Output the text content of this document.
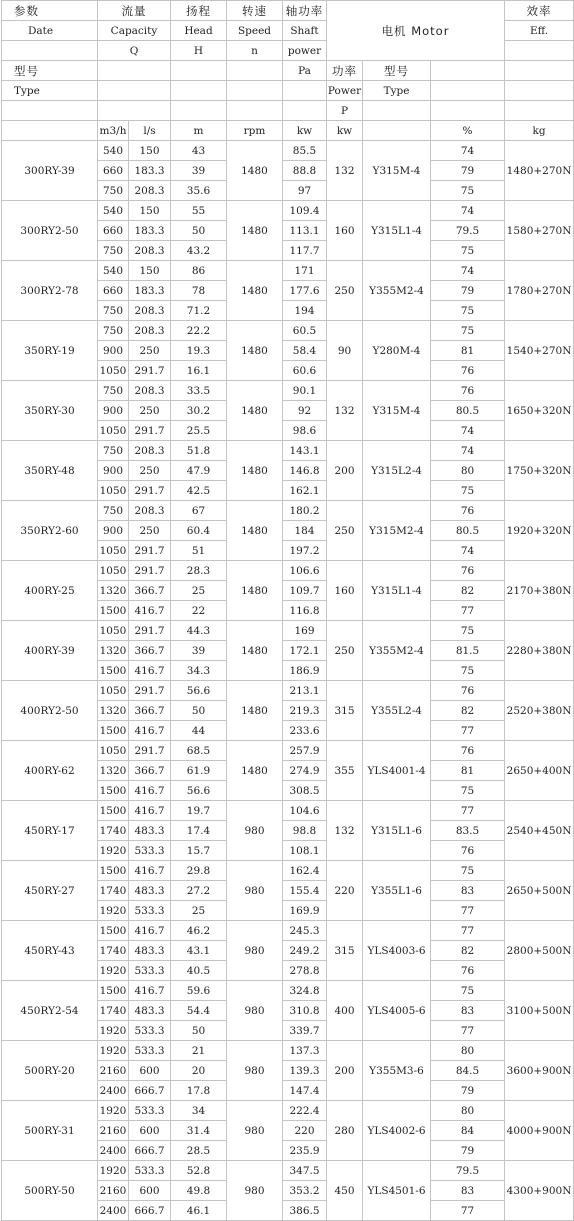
参数	流量		扬程	转速	轴功率	电机 Motor			效率	
Date	Capacity		Head	Speed	Shaft				Eff.	
	Q		H	n	power					
型号					Pa	功率	型号			
Type						Power	Type			
						P				
	m3/h	l/s	m	rpm	kw	kw		%	kg	
300RY-39	540	150	43	1480	85.5	132	Y315M-4	74	1480+270N	
	660	183.3	39		88.8			79		
	750	208.3	35.6		97			75		
300RY2-50	540	150	55	1480	109.4	160	Y315L1-4	74	1580+270N	
	660	183.3	50		113.1			79.5		
	750	208.3	43.2		117.7			75		
300RY2-78	540	150	86	1480	171	250	Y355M2-4	74	1780+270N	
	660	183.3	78		177.6			79		
	750	208.3	71.2		194			75		
350RY-19	750	208.3	22.2	1480	60.5	90	Y280M-4	75	1540+270N	
	900	250	19.3		58.4			81		
	1050	291.7	16.1		60.6			76		
350RY-30	750	208.3	33.5	1480	90.1	132	Y315M-4	76	1650+320N	
	900	250	30.2		92			80.5		
	1050	291.7	25.5		98.6			74		
350RY-48	750	208.3	51.8	1480	143.1	200	Y315L2-4	74	1750+320N	
	900	250	47.9		146.8			80		
	1050	291.7	42.5		162.1			75		
350RY2-60	750	208.3	67	1480	180.2	250	Y315M2-4	76	1920+320N	
	900	250	60.4		184			80.5		
	1050	291.7	51		197.2			74		
400RY-25	1050	291.7	28.3	1480	106.6	160	Y315L1-4	76	2170+380N	
	1320	366.7	25		109.7			82		
	1500	416.7	22		116.8			77		
400RY-39	1050	291.7	44.3	1480	169	250	Y355M2-4	75	2280+380N	
	1320	366.7	39		172.1			81.5		
	1500	416.7	34.3		186.9			75		
400RY2-50	1050	291.7	56.6	1480	213.1	315	Y355L2-4	76	2520+380N	
	1320	366.7	50		219.3			82		
	1500	416.7	44		233.6			77		
400RY-62	1050	291.7	68.5	1480	257.9	355	YLS4001-4	76	2650+400N	
	1320	366.7	61.9		274.9			81		
	1500	416.7	56.6		308.5			75		
450RY-17	1500	416.7	19.7	980	104.6	132	Y315L1-6	77	2540+450N	
	1740	483.3	17.4		98.8			83.5		
	1920	533.3	15.7		108.1			76		
450RY-27	1500	416.7	29.8	980	162.4	220	Y355L1-6	75	2650+500N	
	1740	483.3	27.2		155.4			83		
	1920	533.3	25		169.9			77		
450RY-43	1500	416.7	46.2	980	245.3	315	YLS4003-6	77	2800+500N	
	1740	483.3	43.1		249.2			82		
	1920	533.3	40.5		278.8			76		
450RY2-54	1500	416.7	59.6	980	324.8	400	YLS4005-6	75	3100+500N	
	1740	483.3	54.4		310.8			83		
	1920	533.3	50		339.7			77		
500RY-20	1920	533.3	21	980	137.3	200	Y355M3-6	80	3600+900N	
	2160	600	20		139.3			84.5		
	2400	666.7	17.8		147.4			79		
500RY-31	1920	533.3	34	980	222.4	280	YLS4002-6	80	4000+900N	
	2160	600	31.4		220			84		
	2400	666.7	28.5		235.9			79		
500RY-50	1920	533.3	52.8	980	347.5	450	YLS4501-6	79.5	4300+900N	
	2160	600	49.8		353.2			83		
	2400	666.7	46.1		386.5			77		
